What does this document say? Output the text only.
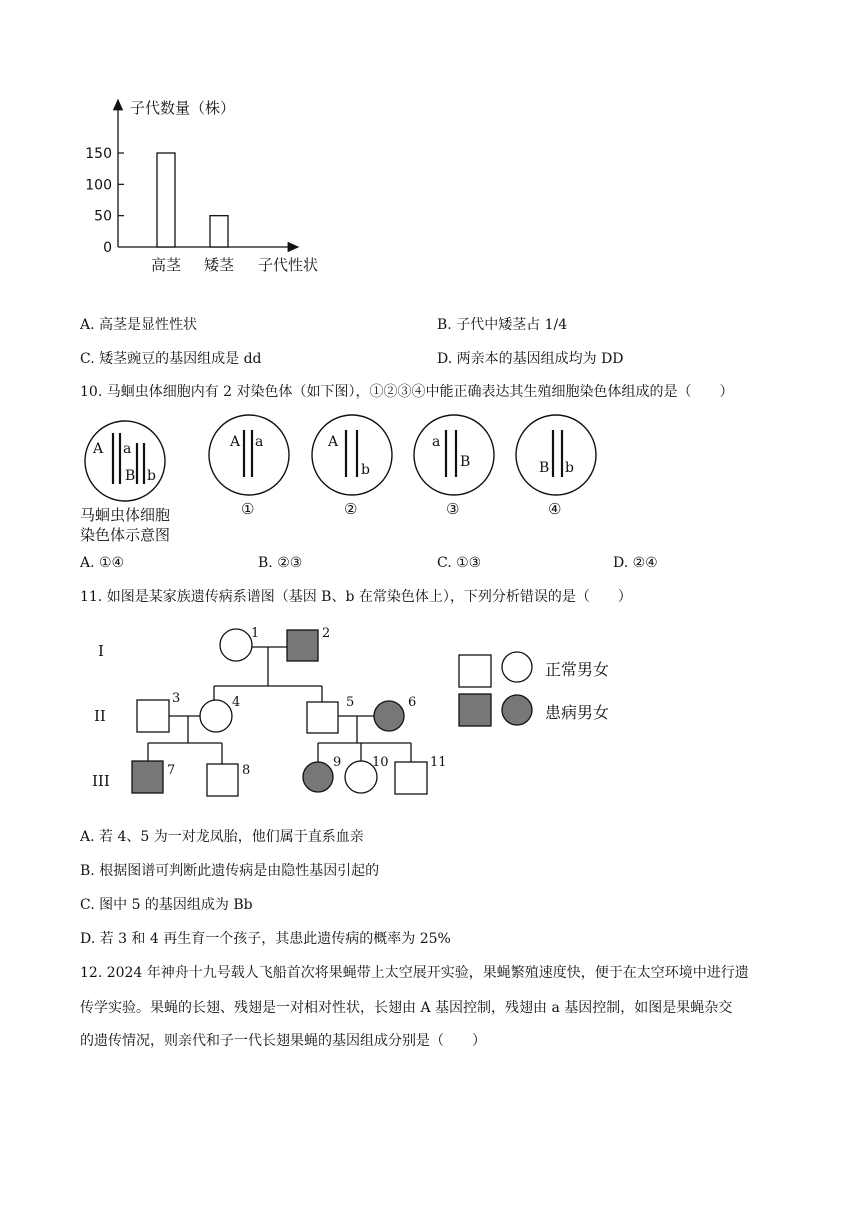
子代数量（株）
子代性状
0
50
100
150
高茎 矮茎
A. 高茎是显性性状	B. 子代中矮茎占 1/4
C. 矮茎豌豆的基因组成是 dd	D. 两亲本的基因组成均为 DD
10. 马蛔虫体细胞内有 2 对染色体（如下图），①②③④中能正确表达其生殖细胞染色体组成的是（　　）
A a
B b
马蛔虫体细胞
染色体示意图
A a	A
b
a
B	B b
①	②	③	④
A. ①④	B. ②③	C. ①③	D. ②④
11. 如图是某家族遗传病系谱图（基因 B、b 在常染色体上），下列分析错误的是（　　）
I
II
III
1	2
3	4	5	6
7	8
9 10	11
正常男女
患病男女
A. 若 4、5 为一对龙凤胎，他们属于直系血亲
B. 根据图谱可判断此遗传病是由隐性基因引起的
C. 图中 5 的基因组成为 Bb
D. 若 3 和 4 再生育一个孩子，其患此遗传病的概率为 25%
12. 2024 年神舟十九号载人飞船首次将果蝇带上太空展开实验，果蝇繁殖速度快，便于在太空环境中进行遗
传学实验。果蝇的长翅、残翅是一对相对性状，长翅由 A 基因控制，残翅由 a 基因控制，如图是果蝇杂交
的遗传情况，则亲代和子一代长翅果蝇的基因组成分别是（　　）
